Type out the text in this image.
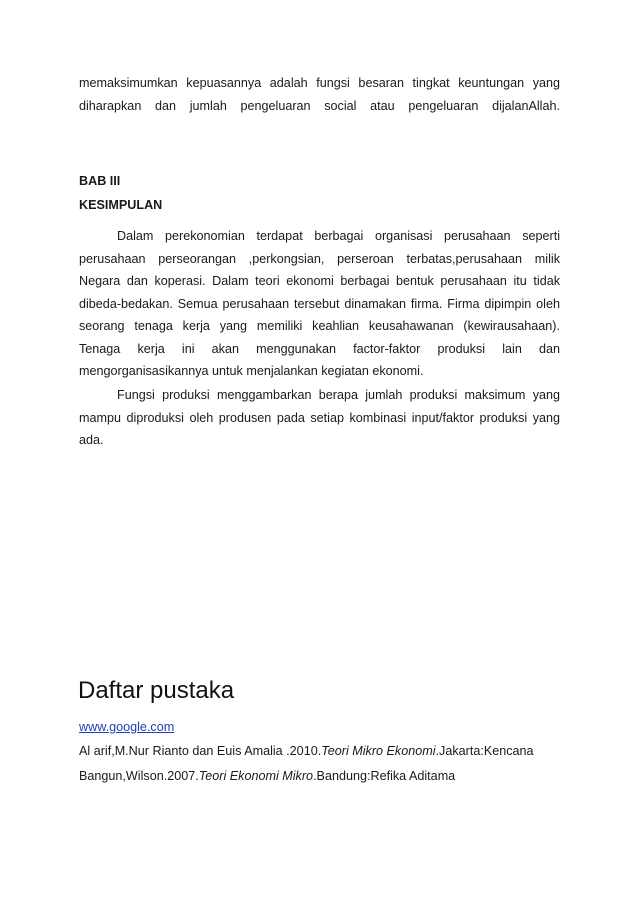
memaksimumkan kepuasannya adalah fungsi besaran tingkat keuntungan yang
diharapkan dan jumlah pengeluaran social atau pengeluaran dijalanAllah.
BAB III
KESIMPULAN
Dalam perekonomian terdapat berbagai organisasi perusahaan seperti
perusahaan perseorangan ,perkongsian, perseroan terbatas,perusahaan milik
Negara dan koperasi. Dalam teori ekonomi berbagai bentuk perusahaan itu tidak
dibeda-bedakan. Semua perusahaan tersebut dinamakan firma. Firma dipimpin oleh
seorang tenaga kerja yang memiliki keahlian keusahawanan (kewirausahaan).
Tenaga kerja ini akan menggunakan factor-faktor produksi lain dan
mengorganisasikannya untuk menjalankan kegiatan ekonomi.
Fungsi produksi menggambarkan berapa jumlah produksi maksimum yang
mampu diproduksi oleh produsen pada setiap kombinasi input/faktor produksi yang
ada.
Daftar pustaka
www.google.com

Al arif,M.Nur Rianto dan Euis Amalia .2010.Teori Mikro Ekonomi.Jakarta:Kencana

Bangun,Wilson.2007.Teori Ekonomi Mikro.Bandung:Refika Aditama
